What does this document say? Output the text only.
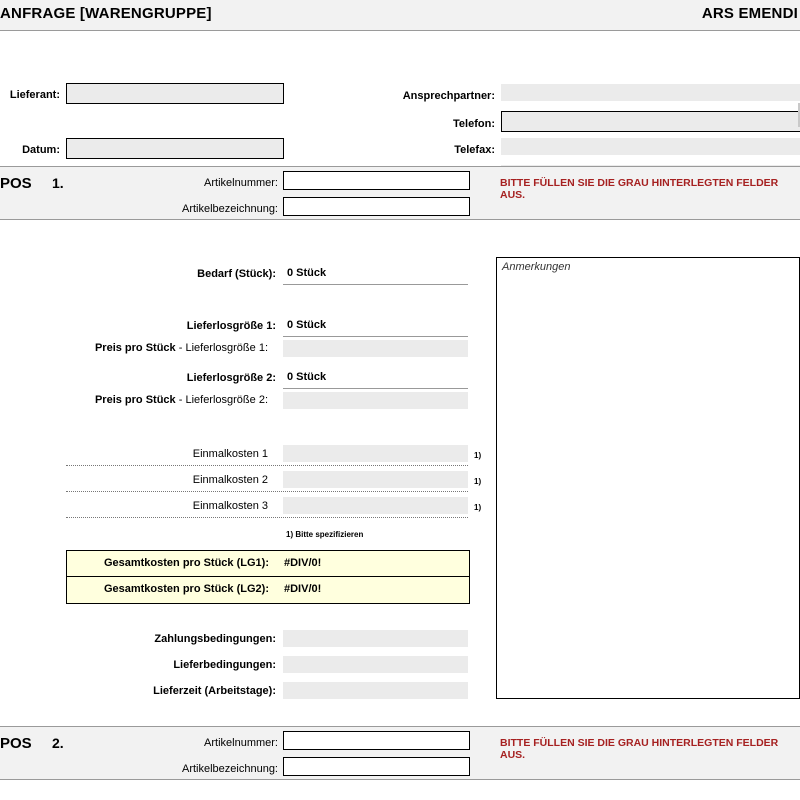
ANFRAGE [WARENGRUPPE]	ARS EMENDI
Lieferant:
Datum:
Ansprechpartner:
Telefon:
Telefax:
POS 1.	Artikelnummer:
Artikelbezeichnung:
BITTE FÜLLEN SIE DIE GRAU HINTERLEGTEN FELDER AUS.
Bedarf (Stück):	0 Stück
Lieferlosgröße 1:	0 Stück
Preis pro Stück - Lieferlosgröße 1:
Lieferlosgröße 2:	0 Stück
Preis pro Stück - Lieferlosgröße 2:
Einmalkosten 1	1)
Einmalkosten 2	1)
Einmalkosten 3	1)
1) Bitte spezifizieren
Gesamtkosten pro Stück (LG1):	#DIV/0!
Gesamtkosten pro Stück (LG2):	#DIV/0!
Zahlungsbedingungen:
Lieferbedingungen:
Lieferzeit (Arbeitstage):
Anmerkungen
POS 2.	Artikelnummer:
Artikelbezeichnung:
BITTE FÜLLEN SIE DIE GRAU HINTERLEGTEN FELDER AUS.
